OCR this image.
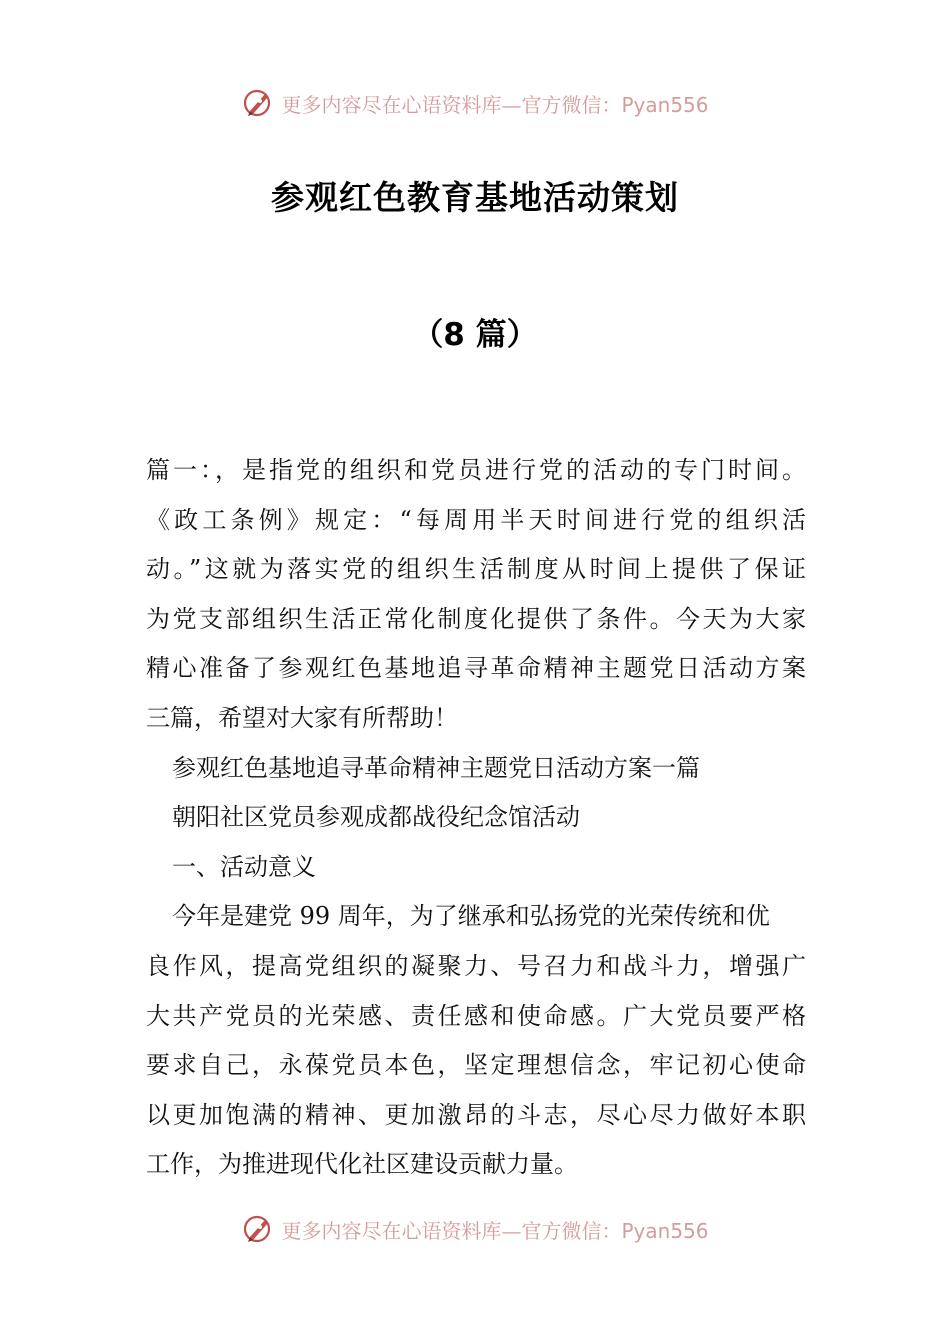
更多内容尽在心语资料库—官方微信：Pyan556
参观红色教育基地活动策划
（8 篇）
篇一：，是指党的组织和党员进行党的活动的专门时间。
《政工条例》规定：“每周用半天时间进行党的组织活
动。”这就为落实党的组织生活制度从时间上提供了保证
为党支部组织生活正常化制度化提供了条件。今天为大家
精心准备了参观红色基地追寻革命精神主题党日活动方案
三篇，希望对大家有所帮助！
参观红色基地追寻革命精神主题党日活动方案一篇
朝阳社区党员参观成都战役纪念馆活动
一、活动意义
今年是建党 99 周年，为了继承和弘扬党的光荣传统和优
良作风，提高党组织的凝聚力、号召力和战斗力，增强广
大共产党员的光荣感、责任感和使命感。广大党员要严格
要求自己，永葆党员本色，坚定理想信念，牢记初心使命
以更加饱满的精神、更加激昂的斗志，尽心尽力做好本职
工作，为推进现代化社区建设贡献力量。
更多内容尽在心语资料库—官方微信：Pyan556
